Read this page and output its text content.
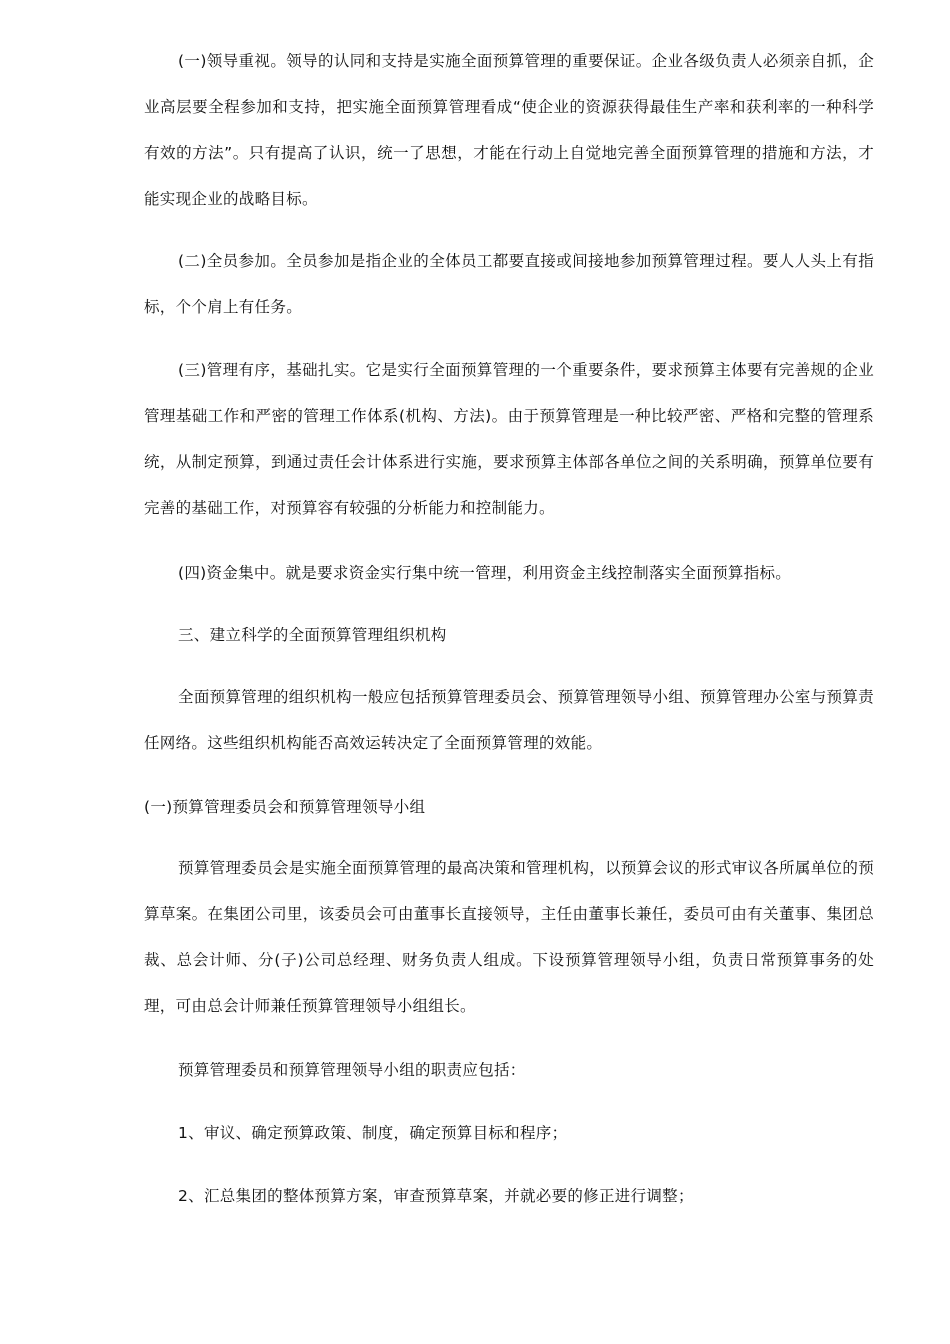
(一)领导重视。领导的认同和支持是实施全面预算管理的重要保证。企业各级负责人必须亲自抓，企业高层要全程参加和支持，把实施全面预算管理看成“使企业的资源获得最佳生产率和获利率的一种科学有效的方法”。只有提高了认识，统一了思想，才能在行动上自觉地完善全面预算管理的措施和方法，才能实现企业的战略目标。

(二)全员参加。全员参加是指企业的全体员工都要直接或间接地参加预算管理过程。要人人头上有指标，个个肩上有任务。

(三)管理有序，基础扎实。它是实行全面预算管理的一个重要条件，要求预算主体要有完善规的企业管理基础工作和严密的管理工作体系(机构、方法)。由于预算管理是一种比较严密、严格和完整的管理系统，从制定预算，到通过责任会计体系进行实施，要求预算主体部各单位之间的关系明确，预算单位要有完善的基础工作，对预算容有较强的分析能力和控制能力。

(四)资金集中。就是要求资金实行集中统一管理，利用资金主线控制落实全面预算指标。

三、建立科学的全面预算管理组织机构

全面预算管理的组织机构一般应包括预算管理委员会、预算管理领导小组、预算管理办公室与预算责任网络。这些组织机构能否高效运转决定了全面预算管理的效能。

(一)预算管理委员会和预算管理领导小组

预算管理委员会是实施全面预算管理的最高决策和管理机构，以预算会议的形式审议各所属单位的预算草案。在集团公司里，该委员会可由董事长直接领导，主任由董事长兼任，委员可由有关董事、集团总裁、总会计师、分(子)公司总经理、财务负责人组成。下设预算管理领导小组，负责日常预算事务的处理，可由总会计师兼任预算管理领导小组组长。

预算管理委员和预算管理领导小组的职责应包括：

1、审议、确定预算政策、制度，确定预算目标和程序；

2、汇总集团的整体预算方案，审查预算草案，并就必要的修正进行调整；
